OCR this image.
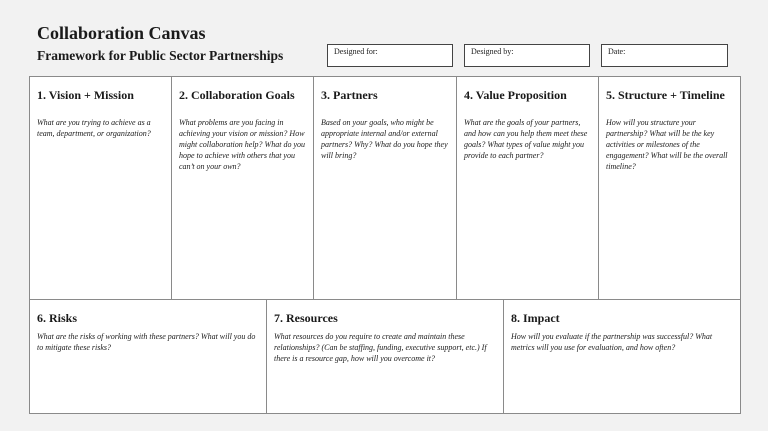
Collaboration Canvas
Framework for Public Sector Partnerships	Designed for:	Designed by:	Date:
1. Vision + Mission

What are you trying to achieve as a team, department, or organization?

2. Collaboration Goals

What problems are you facing in achieving your vision or mission? How might collaboration help? What do you hope to achieve with others that you can’t on your own?

3. Partners

Based on your goals, who might be appropriate internal and/or external partners? Why? What do you hope they will bring?

4. Value Proposition

What are the goals of your partners, and how can you help them meet these goals? What types of value might you provide to each partner?

5. Structure + Timeline

How will you structure your partnership? What will be the key activities or milestones of the engagement? What will be the overall timeline?

6. Risks

What are the risks of working with these partners? What will you do to mitigate these risks?

7. Resources

What resources do you require to create and maintain these relationships? (Can be staffing, funding, executive support, etc.) If there is a resource gap, how will you overcome it?

8. Impact

How will you evaluate if the partnership was successful? What metrics will you use for evaluation, and how often?
